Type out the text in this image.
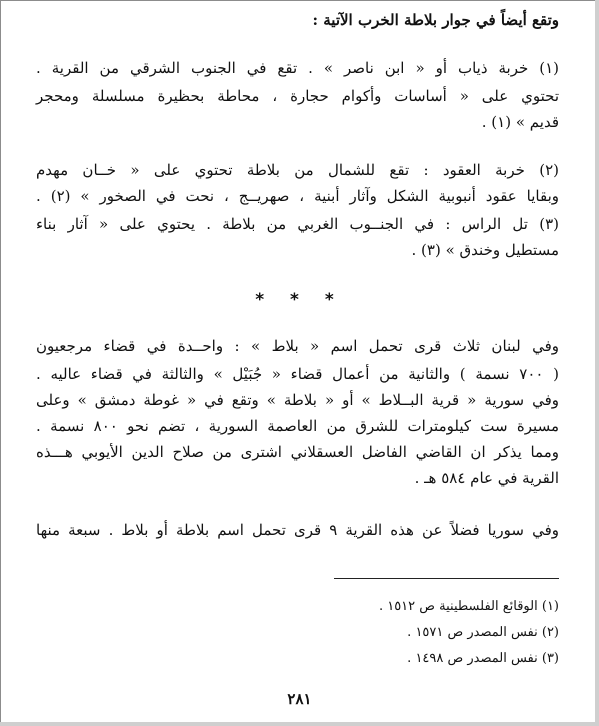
وتقع أيضاً في جوار بلاطة الخرب الآتية :
(١) خربة ذياب أو « ابن ناصر » . تقع في الجنوب الشرقي من القرية .
تحتوي على « أساسات وأكوام حجارة ، محاطة بحظيرة مسلسلة ومحجر
قديم » (١) .
(٢) خربة العقود : تقع للشمال من بلاطة تحتوي على « خــان مهدم
وبقايا عقود أنبوبية الشكل وآثار أبنية ، صهريــج ، نحت في الصخور » (٢) .
(٣) تل الراس : في الجنــوب الغربي من بلاطة . يحتوي على « آثار بناء
مستطيل وخندق » (٣) .
* * *
وفي لبنان ثلاث قرى تحمل اسم « بلاط » : واحــدة في قضاء مرجعيون
( ٧٠٠ نسمة ) والثانية من أعمال قضاء « جُبَيْل » والثالثة في قضاء عاليه .
وفي سورية « قرية البــلاط » أو « بلاطة » وتقع في « غوطة دمشق » وعلى
مسيرة ست كيلومترات للشرق من العاصمة السورية ، تضم نحو ٨٠٠ نسمة .
ومما يذكر ان القاضي الفاضل العسقلاني اشترى من صلاح الدين الأيوبي هـــذه
القرية في عام ٥٨٤ هـ .
وفي سوريا فضلاً عن هذه القرية ٩ قرى تحمل اسم بلاطة أو بلاط . سبعة منها
(١) الوقائع الفلسطينية ص ١٥١٢ .
(٢) نفس المصدر ص ١٥٧١ .
(٣) نفس المصدر ص ١٤٩٨ .
٢٨١
